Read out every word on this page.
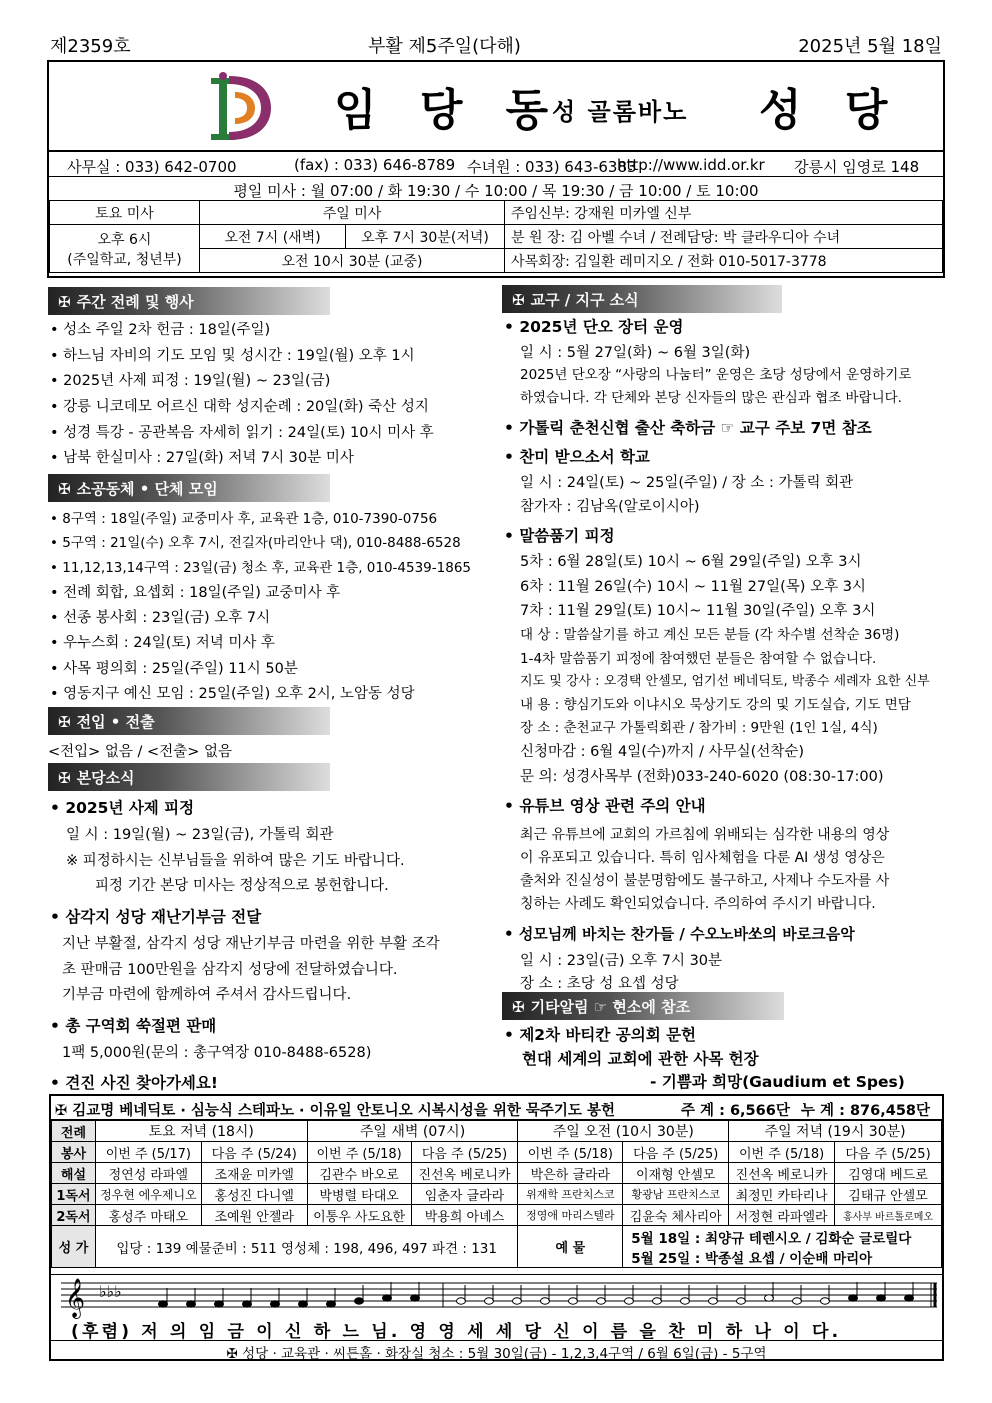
제2359호	부활 제5주일(다해)	2025년 5월 18일
임 당 동
성 골롬바노 성 당
사무실 : 033) 642-0700	(fax) : 033) 646-8789 수녀원 : 033) 643-6383
http://www.idd.or.kr 강릉시 임영로 148
평일 미사 : 월 07:00 / 화 19:30 / 수 10:00 / 목 19:30 / 금 10:00 / 토 10:00
토요 미사	주일 미사		주임신부: 강재원 미카엘 신부

오후 6시
(주일학교, 청년부)	오전 7시 (새벽)	오후 7시 30분(저녁)	분 원 장: 김 아벨 수녀 / 전례담당: 박 클라우디아 수녀
	오전 10시 30분 (교중)		사목회장: 김일환 레미지오 / 전화 010-5017-3778
✠ 주간 전례 및 행사
• 성소 주일 2차 헌금 : 18일(주일)
• 하느님 자비의 기도 모임 및 성시간 : 19일(월) 오후 1시
• 2025년 사제 피정 : 19일(월) ~ 23일(금)
• 강릉 니코데모 어르신 대학 성지순례 : 20일(화) 죽산 성지
• 성경 특강 - 공관복음 자세히 읽기 : 24일(토) 10시 미사 후
• 남북 한실미사 : 27일(화) 저녁 7시 30분 미사
✠ 소공동체 • 단체 모임
• 8구역 : 18일(주일) 교중미사 후, 교육관 1층, 010-7390-0756
• 5구역 : 21일(수) 오후 7시, 전길자(마리안나 댁), 010-8488-6528
• 11,12,13,14구역 : 23일(금) 청소 후, 교육관 1층, 010-4539-1865
• 전례 회합, 요셉회 : 18일(주일) 교중미사 후
• 선종 봉사회 : 23일(금) 오후 7시
• 우누스회 : 24일(토) 저녁 미사 후
• 사목 평의회 : 25일(주일) 11시 50분
• 영동지구 예신 모임 : 25일(주일) 오후 2시, 노암동 성당
✠ 전입 • 전출
<전입> 없음 / <전출> 없음
✠ 본당소식
• 2025년 사제 피정
일 시 : 19일(월) ~ 23일(금), 가톨릭 회관
※ 피정하시는 신부님들을 위하여 많은 기도 바랍니다.
피정 기간 본당 미사는 정상적으로 봉헌합니다.
• 삼각지 성당 재난기부금 전달
지난 부활절, 삼각지 성당 재난기부금 마련을 위한 부활 조각
초 판매금 100만원을 삼각지 성당에 전달하였습니다.
기부금 마련에 함께하여 주셔서 감사드립니다.
• 총 구역회 쑥절편 판매
1팩 5,000원(문의 : 총구역장 010-8488-6528)
• 견진 사진 찾아가세요!
✠ 교구 / 지구 소식
• 2025년 단오 장터 운영
일 시 : 5월 27일(화) ~ 6월 3일(화)
2025년 단오장 “사랑의 나눔터” 운영은 초당 성당에서 운영하기로
하였습니다. 각 단체와 본당 신자들의 많은 관심과 협조 바랍니다.
• 가톨릭 춘천신협 출산 축하금 ☞ 교구 주보 7면 참조
• 찬미 받으소서 학교
일 시 : 24일(토) ~ 25일(주일) / 장 소 : 가톨릭 회관
참가자 : 김남옥(알로이시아)
• 말씀품기 피정
5차 : 6월 28일(토) 10시 ~ 6월 29일(주일) 오후 3시
6차 : 11월 26일(수) 10시 ~ 11월 27일(목) 오후 3시
7차 : 11월 29일(토) 10시~ 11월 30일(주일) 오후 3시
대 상 : 말씀살기를 하고 계신 모든 분들 (각 차수별 선착순 36명)
1-4차 말씀품기 피정에 참여했던 분들은 참여할 수 없습니다.
지도 및 강사 : 오경택 안셀모, 엄기선 베네딕토, 박종수 세례자 요한 신부
내 용 : 향심기도와 이냐시오 묵상기도 강의 및 기도실습, 기도 면담
장 소 : 춘천교구 가톨릭회관 / 참가비 : 9만원 (1인 1실, 4식)
신청마감 : 6월 4일(수)까지 / 사무실(선착순)
문 의: 성경사목부 (전화)033-240-6020 (08:30-17:00)
• 유튜브 영상 관련 주의 안내
최근 유튜브에 교회의 가르침에 위배되는 심각한 내용의 영상
이 유포되고 있습니다. 특히 임사체험을 다룬 AI 생성 영상은
출처와 진실성이 불분명함에도 불구하고, 사제나 수도자를 사
칭하는 사례도 확인되었습니다. 주의하여 주시기 바랍니다.
• 성모님께 바치는 찬가들 / 수오노바쏘의 바로크음악
일 시 : 23일(금) 오후 7시 30분
장 소 : 초당 성 요셉 성당
✠ 기타알림 ☞ 현소에 참조
• 제2차 바티칸 공의회 문헌
현대 세계의 교회에 관한 사목 헌장
- 기쁨과 희망(Gaudium et Spes)
✠ 김교명 베네딕토 · 심능식 스테파노 · 이유일 안토니오 시복시성을 위한 묵주기도 봉헌	주 계 : 6,566단 누 계 : 876,458단
전례	토요 저녁 (18시)		주일 새벽 (07시)		주일 오전 (10시 30분)		주일 저녁 (19시 30분)	
봉사	이번 주 (5/17)	다음 주 (5/24)	이번 주 (5/18)	다음 주 (5/25)	이번 주 (5/18)	다음 주 (5/25)	이번 주 (5/18)	다음 주 (5/25)
해설	정연성 라파엘	조재윤 미카엘	김관수 바오로	진선옥 베로니카	박은하 글라라	이재형 안셀모	진선옥 베로니카	김영대 베드로
1독서	정우현 에우제니오	홍성진 다니엘	박병렬 타대오	임춘자 글라라	위재학 프란치스코	황광남 프란치스코	최정민 카타리나	김태규 안셀모
2독서	홍성주 마태오	조예원 안젤라	이통우 사도요한	박용희 아녜스	정영애 마리스텔라	김윤숙 체사리아	서정현 라파엘라	홍사부 바르톨로메오
성 가	입당 : 139 예물준비 : 511 영성체 : 198, 496, 497 파견 : 131				예 물	5월 18일 : 최양규 테렌시오 / 김화순 글로릴다
5월 25일 : 박종설 요셉 / 이순배 마리아		
𝄞 ♭♭♭
(후렴) 저 의 임 금 이 신 하 느 님. 영 영 세 세 당 신 이 름 을 찬 미 하 나 이 다.
✠ 성당 · 교육관 · 씨튼홀 · 화장실 청소 : 5월 30일(금) - 1,2,3,4구역 / 6월 6일(금) - 5구역
